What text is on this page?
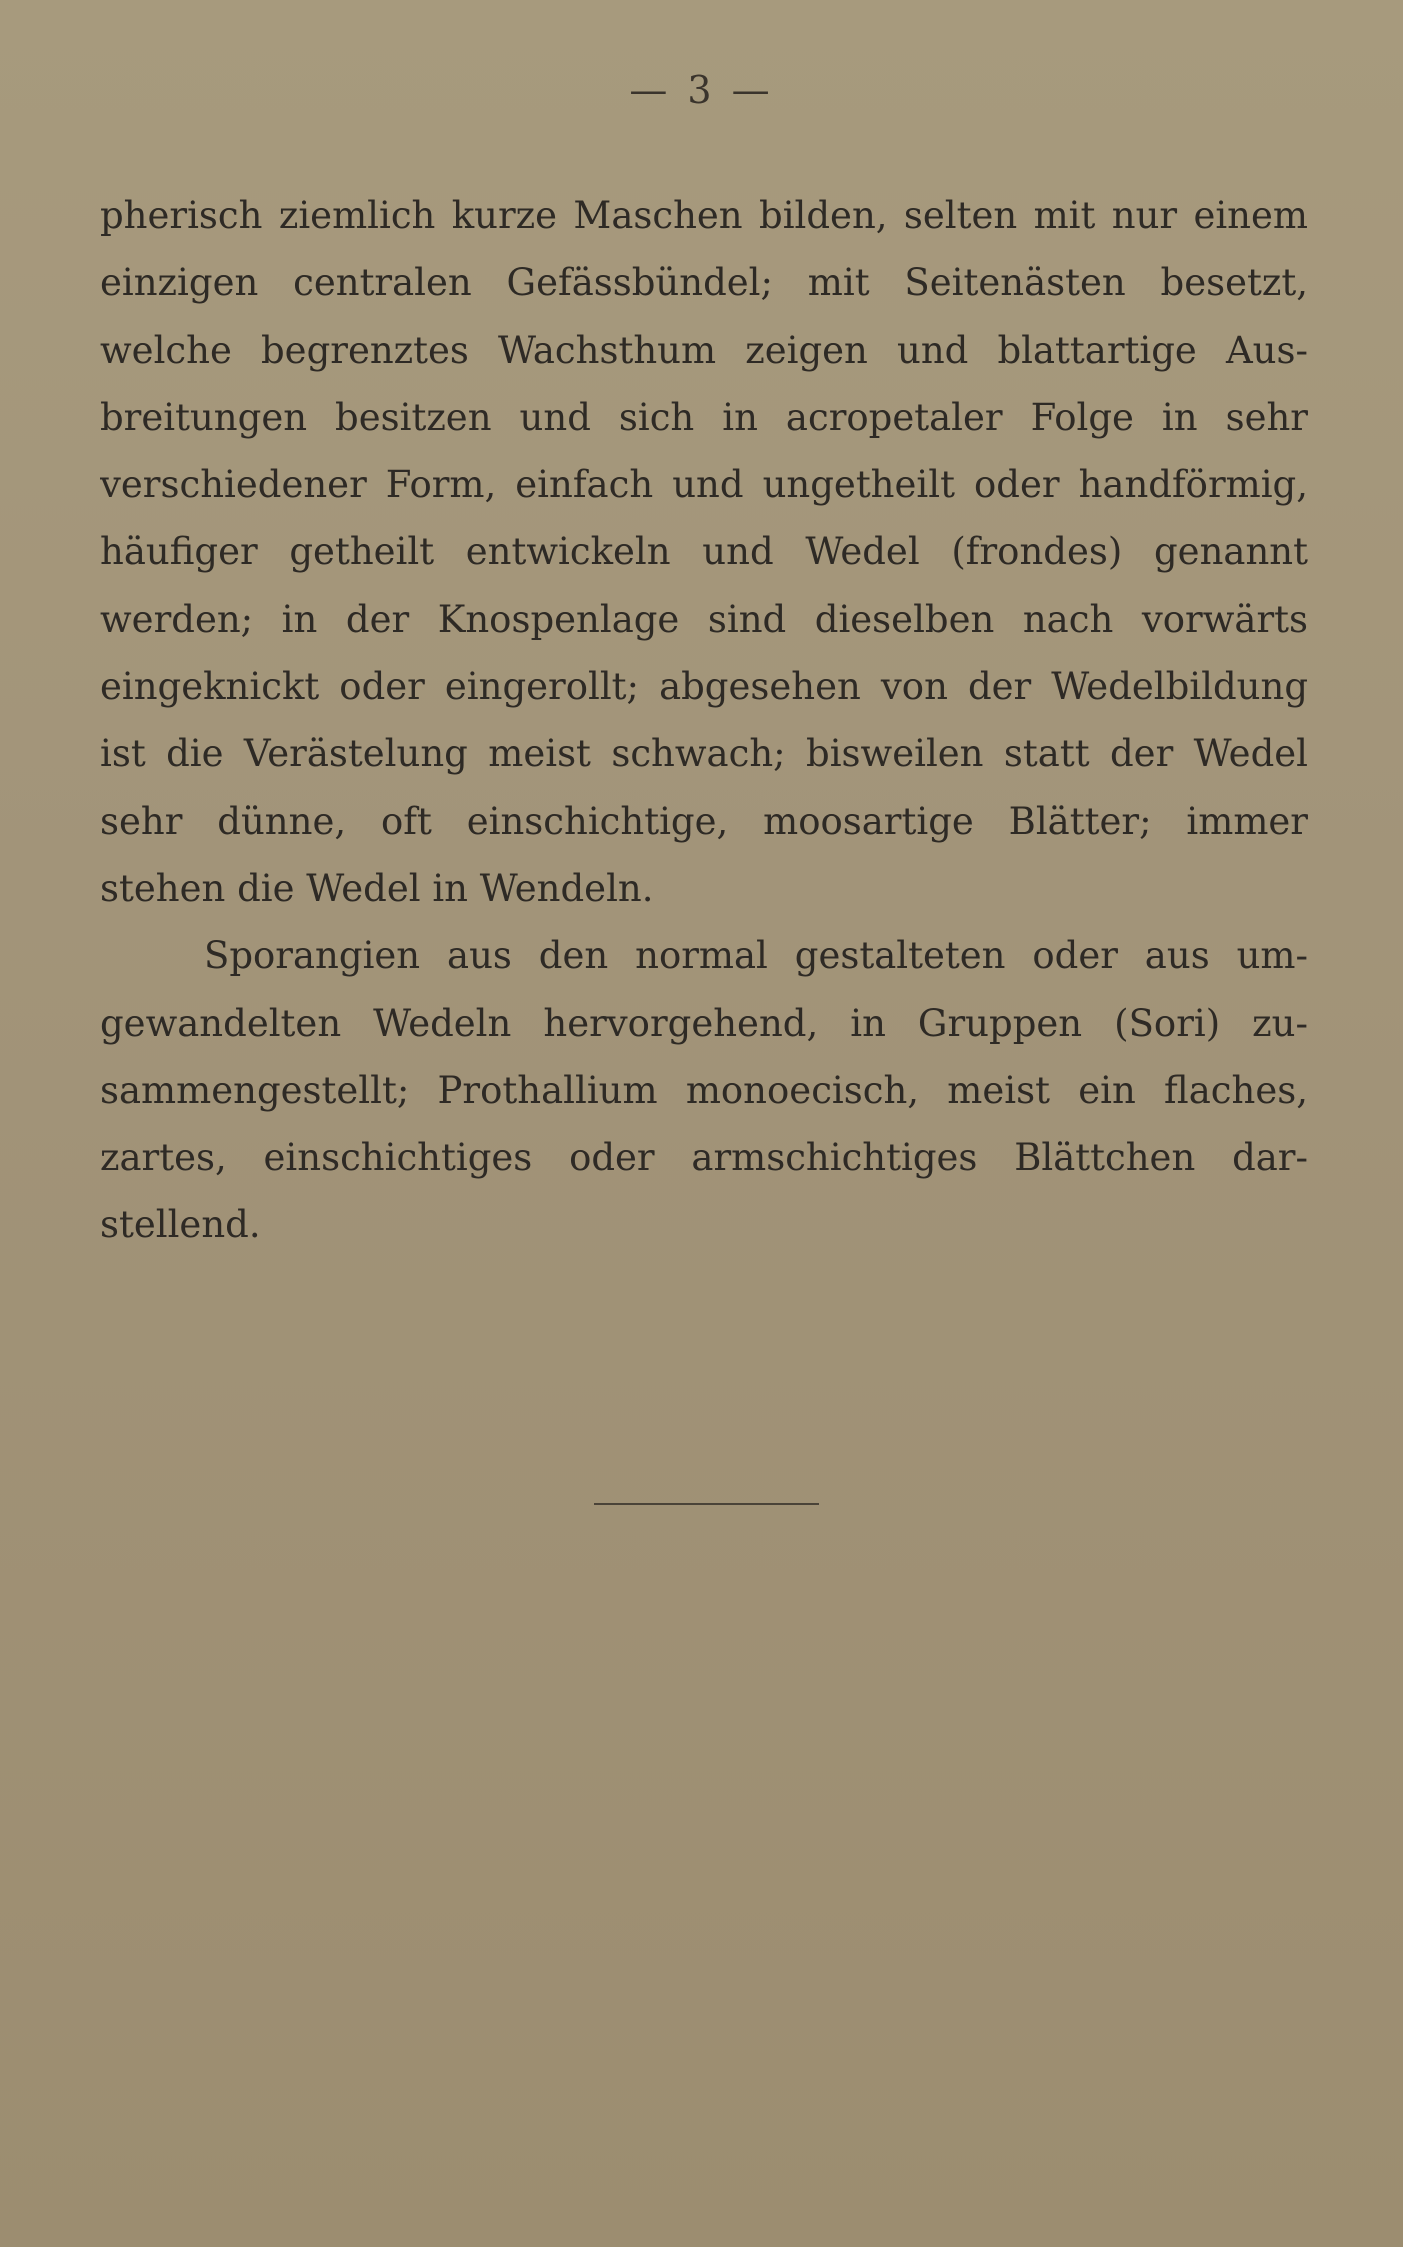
— 3 —
pherisch ziemlich kurze Maschen bilden, selten mit nur einem
einzigen centralen Gefässbündel; mit Seitenästen besetzt,
welche begrenztes Wachsthum zeigen und blattartige Aus-
breitungen besitzen und sich in acropetaler Folge in sehr
verschiedener Form, einfach und ungetheilt oder handförmig,
häufiger getheilt entwickeln und Wedel (frondes) genannt
werden; in der Knospenlage sind dieselben nach vorwärts
eingeknickt oder eingerollt; abgesehen von der Wedelbildung
ist die Verästelung meist schwach; bisweilen statt der Wedel
sehr dünne, oft einschichtige, moosartige Blätter; immer
stehen die Wedel in Wendeln.
Sporangien aus den normal gestalteten oder aus um-
gewandelten Wedeln hervorgehend, in Gruppen (Sori) zu-
sammengestellt; Prothallium monoecisch, meist ein flaches,
zartes, einschichtiges oder armschichtiges Blättchen dar-
stellend.
